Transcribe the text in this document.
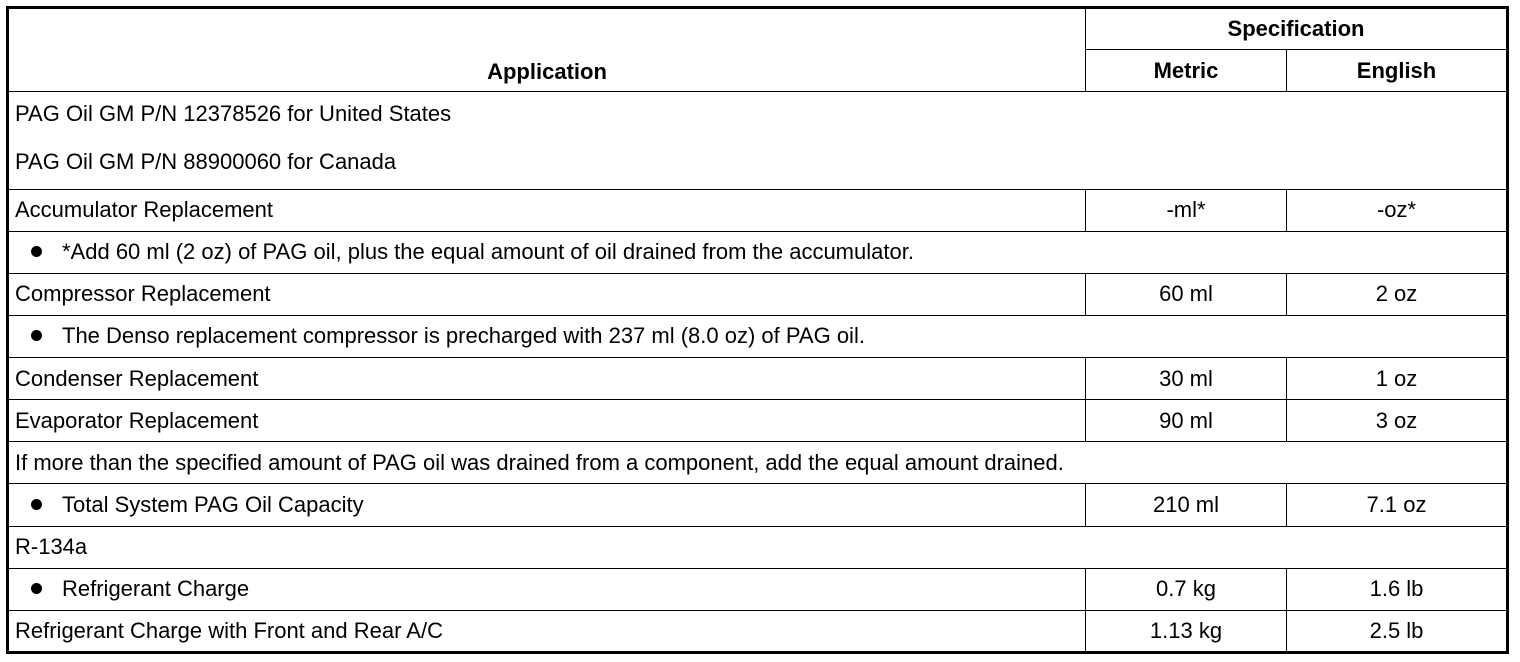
Application	Specification	
	Metric	English

PAG Oil GM P/N 12378526 for United States
PAG Oil GM P/N 88900060 for Canada		

Accumulator Replacement	-ml*	-oz*
*Add 60 ml (2 oz) of PAG oil, plus the equal amount of oil drained from the accumulator.		
Compressor Replacement	60 ml	2 oz
The Denso replacement compressor is precharged with 237 ml (8.0 oz) of PAG oil.		
Condenser Replacement	30 ml	1 oz
Evaporator Replacement	90 ml	3 oz
If more than the specified amount of PAG oil was drained from a component, add the equal amount drained.		
Total System PAG Oil Capacity	210 ml	7.1 oz
R-134a		
Refrigerant Charge	0.7 kg	1.6 lb
Refrigerant Charge with Front and Rear A/C	1.13 kg	2.5 lb
